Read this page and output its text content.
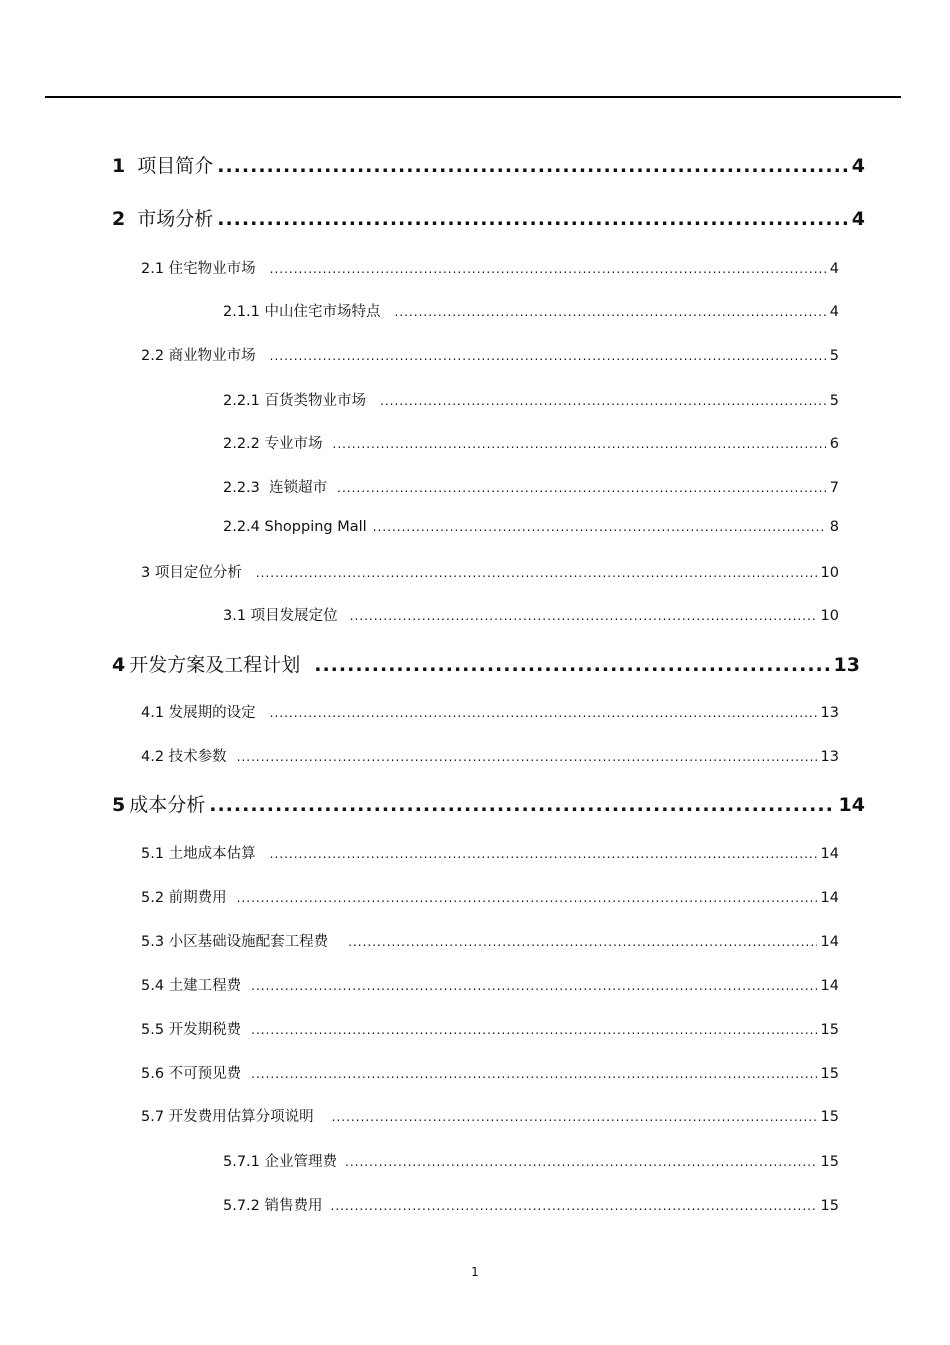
1 项目简介 .....	4
2 市场分析 .....	4
2.1 住宅物业市场 .....	4
2.1.1 中山住宅市场特点 .....	4
2.2 商业物业市场 .....	5
2.2.1 百货类物业市场 .....	5
2.2.2 专业市场 .....	6
2.2.3 连锁超市 .....	7
2.2.4 Shopping Mall .....	8
3 项目定位分析 .....	10
3.1 项目发展定位 .....	10
4 开发方案及工程计划 .....	13
4.1 发展期的设定 .....	13
4.2 技术参数 .....	13
5 成本分析 .....	14
5.1 土地成本估算 .....	14
5.2 前期费用 .....	14
5.3 小区基础设施配套工程费 .....	14
5.4 土建工程费 .....	14
5.5 开发期税费 .....	15
5.6 不可预见费 .....	15
5.7 开发费用估算分项说明 .....	15
5.7.1 企业管理费 .....	15
5.7.2 销售费用 .....	15
1
